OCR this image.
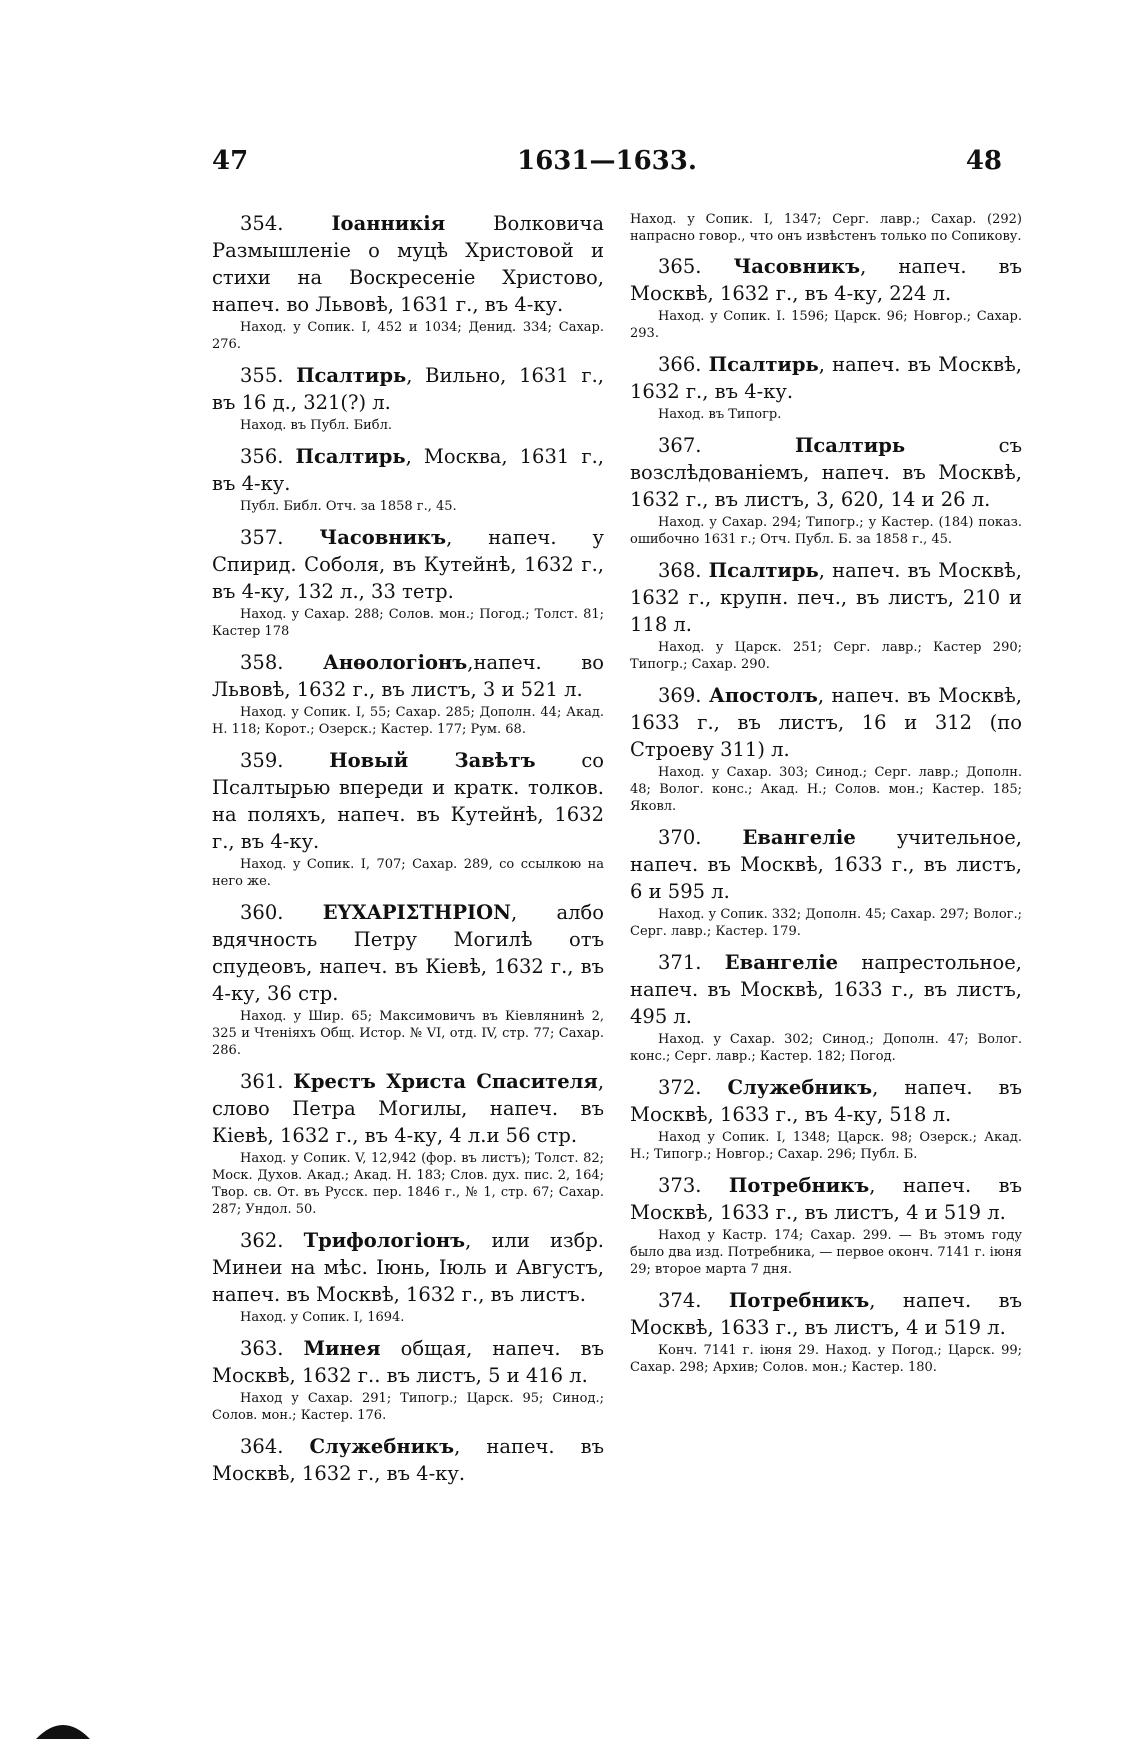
47	1631—1633.	48

354. Іоанникія Волковича Размышленіе о муцѣ Христовой и стихи на Воскресеніе Христово, напеч. во Львовѣ, 1631 г., въ 4-ку.

Наход. у Сопик. I, 452 и 1034; Денид. 334; Сахар. 276.

355. Псалтирь, Вильно, 1631 г., въ 16 д., 321(?) л.

Наход. въ Публ. Библ.

356. Псалтирь, Москва, 1631 г., въ 4-ку.

Публ. Библ. Отч. за 1858 г., 45.

357. Часовникъ, напеч. у Спирид. Соболя, въ Кутейнѣ, 1632 г., въ 4-ку, 132 л., 33 тетр.

Наход. у Сахар. 288; Солов. мон.; Погод.; Толст. 81; Кастер 178

358. Анѳологіонъ,напеч. во Львовѣ, 1632 г., въ листъ, 3 и 521 л.

Наход. у Сопик. I, 55; Сахар. 285; Дополн. 44; Акад. Н. 118; Корот.; Озерск.; Кастер. 177; Рум. 68.

359. Новый Завѣтъ со Псалтырью впереди и кратк. толков. на поляхъ, напеч. въ Кутейнѣ, 1632 г., въ 4-ку.

Наход. у Сопик. I, 707; Сахар. 289, со ссылкою на него же.

360. ΕΥΧΑΡΙΣΤΗΡΙΟΝ, албо вдячность Петру Могилѣ отъ спудеовъ, напеч. въ Кіевѣ, 1632 г., въ 4-ку, 36 стр.

Наход. у Шир. 65; Максимовичъ въ Кіевлянинѣ 2, 325 и Чтеніяхъ Общ. Истор. № VI, отд. IV, стр. 77; Сахар. 286.

361. Крестъ Христа Спасителя, слово Петра Могилы, напеч. въ Кіевѣ, 1632 г., въ 4-ку, 4 л.и 56 стр.

Наход. у Сопик. V, 12,942 (фор. въ листъ); Толст. 82; Моск. Духов. Акад.; Акад. Н. 183; Слов. дух. пис. 2, 164; Твор. св. От. въ Русск. пер. 1846 г., № 1, стр. 67; Сахар. 287; Ундол. 50.

362. Трифологіонъ, или избр. Минеи на мѣс. Іюнь, Іюль и Августъ, напеч. въ Москвѣ, 1632 г., въ листъ.

Наход. у Сопик. I, 1694.

363. Минея общая, напеч. въ Москвѣ, 1632 г.. въ листъ, 5 и 416 л.

Наход у Сахар. 291; Типогр.; Царск. 95; Синод.; Солов. мон.; Кастер. 176.

364. Служебникъ, напеч. въ Москвѣ, 1632 г., въ 4-ку.

Наход. у Сопик. I, 1347; Серг. лавр.; Сахар. (292) напрасно говор., что онъ извѣстенъ только по Сопикову.

365. Часовникъ, напеч. въ Москвѣ, 1632 г., въ 4-ку, 224 л.

Наход. у Сопик. I. 1596; Царск. 96; Новгор.; Сахар. 293.

366. Псалтирь, напеч. въ Москвѣ, 1632 г., въ 4-ку.

Наход. въ Типогр.

367.	Псалтирь съ возслѣдованіемъ, напеч. въ Москвѣ, 1632 г., въ листъ, 3, 620, 14 и 26 л.

Наход. у Сахар. 294; Типогр.; у Кастер. (184) показ. ошибочно 1631 г.; Отч. Публ. Б. за 1858 г., 45.

368. Псалтирь, напеч. въ Москвѣ, 1632 г., крупн. печ., въ листъ, 210 и 118 л.

Наход. у Царск. 251; Серг. лавр.; Кастер 290; Типогр.; Сахар. 290.

369. Апостолъ, напеч. въ Москвѣ, 1633 г., въ листъ, 16 и 312 (по Строеву 311) л.

Наход. у Сахар. 303; Синод.; Серг. лавр.; Дополн. 48; Волог. конс.; Акад. Н.; Солов. мон.; Кастер. 185; Яковл.

370. Евангеліе учительное, напеч. въ Москвѣ, 1633 г., въ листъ, 6 и 595 л.

Наход. у Сопик. 332; Дополн. 45; Сахар. 297; Волог.; Серг. лавр.; Кастер. 179.

371. Евангеліе напрестольное, напеч. въ Москвѣ, 1633 г., въ листъ, 495 л.

Наход. у Сахар. 302; Синод.; Дополн. 47; Волог. конс.; Серг. лавр.; Кастер. 182; Погод.

372. Служебникъ, напеч. въ Москвѣ, 1633 г., въ 4-ку, 518 л.

Наход у Сопик. I, 1348; Царск. 98; Озерск.; Акад. Н.; Типогр.; Новгор.; Сахар. 296; Публ. Б.

373. Потребникъ, напеч. въ Москвѣ, 1633 г., въ листъ, 4 и 519 л.

Наход у Кастр. 174; Сахар. 299. — Въ этомъ году было два изд. Потребника, — первое оконч. 7141 г. іюня 29; второе марта 7 дня.

374. Потребникъ, напеч. въ Москвѣ, 1633 г., въ листъ, 4 и 519 л.

Конч. 7141 г. іюня 29. Наход. у Погод.; Царск. 99; Сахар. 298; Архив; Солов. мон.; Кастер. 180.
